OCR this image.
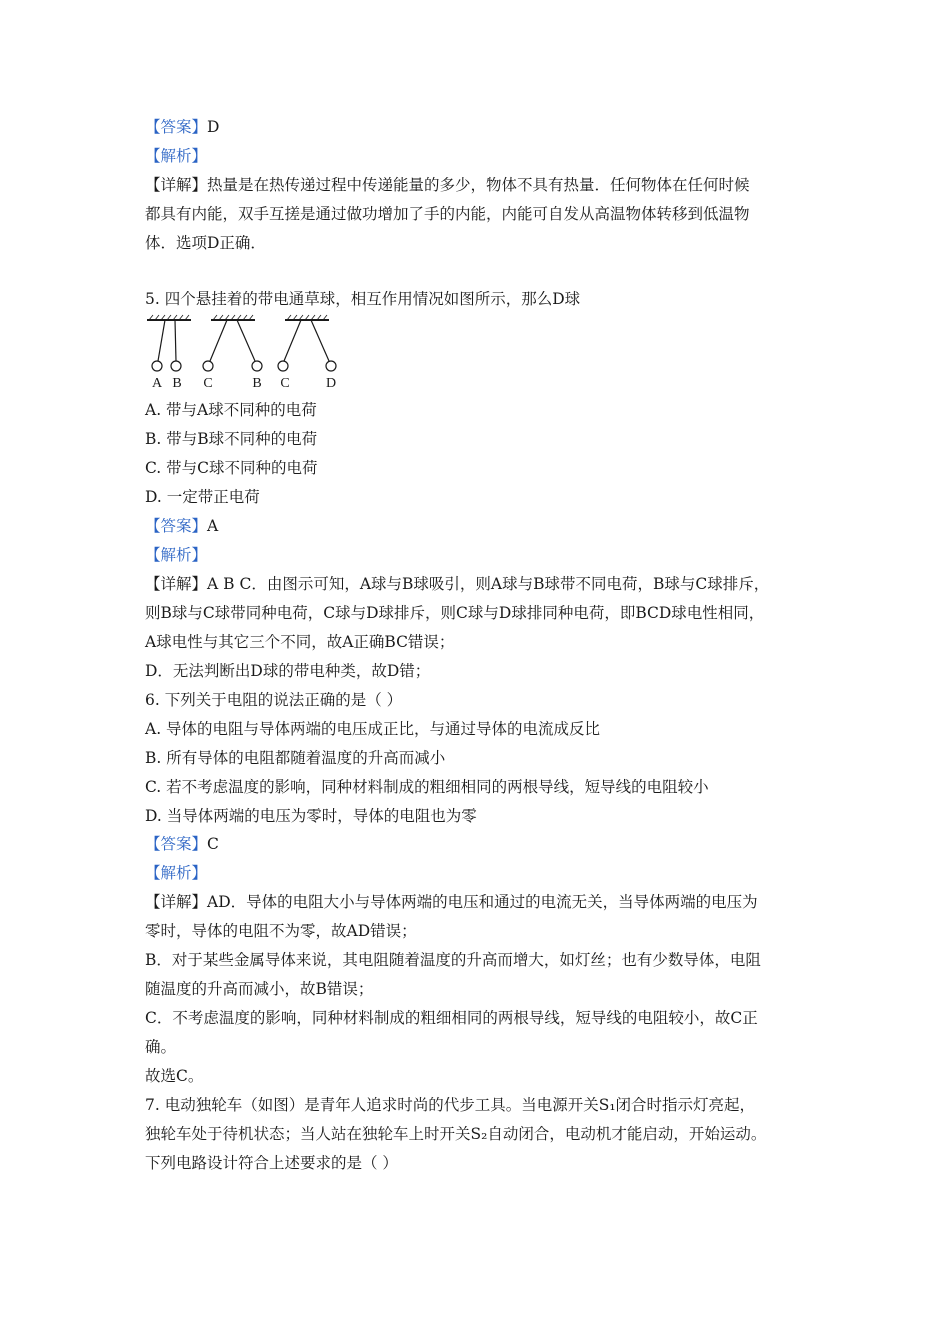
【答案】D
【解析】
【详解】热量是在热传递过程中传递能量的多少，物体不具有热量．任何物体在任何时候
都具有内能，双手互搓是通过做功增加了手的内能，内能可自发从高温物体转移到低温物
体．选项D正确．
5. 四个悬挂着的带电通草球，相互作用情况如图所示，那么D球
A B C	B C	D
A. 带与A球不同种的电荷
B. 带与B球不同种的电荷
C. 带与C球不同种的电荷
D. 一定带正电荷
【答案】A
【解析】
【详解】A B C．由图示可知，A球与B球吸引，则A球与B球带不同电荷，B球与C球排斥，
则B球与C球带同种电荷，C球与D球排斥，则C球与D球排同种电荷，即BCD球电性相同，
A球电性与其它三个不同，故A正确BC错误；
D．无法判断出D球的带电种类，故D错；
6. 下列关于电阻的说法正确的是（ ）
A. 导体的电阻与导体两端的电压成正比，与通过导体的电流成反比
B. 所有导体的电阻都随着温度的升高而减小
C. 若不考虑温度的影响，同种材料制成的粗细相同的两根导线，短导线的电阻较小
D. 当导体两端的电压为零时，导体的电阻也为零
【答案】C
【解析】
【详解】AD．导体的电阻大小与导体两端的电压和通过的电流无关，当导体两端的电压为
零时，导体的电阻不为零，故AD错误；
B．对于某些金属导体来说，其电阻随着温度的升高而增大，如灯丝；也有少数导体，电阻
随温度的升高而减小，故B错误；
C．不考虑温度的影响，同种材料制成的粗细相同的两根导线，短导线的电阻较小，故C正
确。
故选C。
7. 电动独轮车（如图）是青年人追求时尚的代步工具。当电源开关S₁闭合时指示灯亮起，
独轮车处于待机状态；当人站在独轮车上时开关S₂自动闭合，电动机才能启动，开始运动。
下列电路设计符合上述要求的是（ ）
